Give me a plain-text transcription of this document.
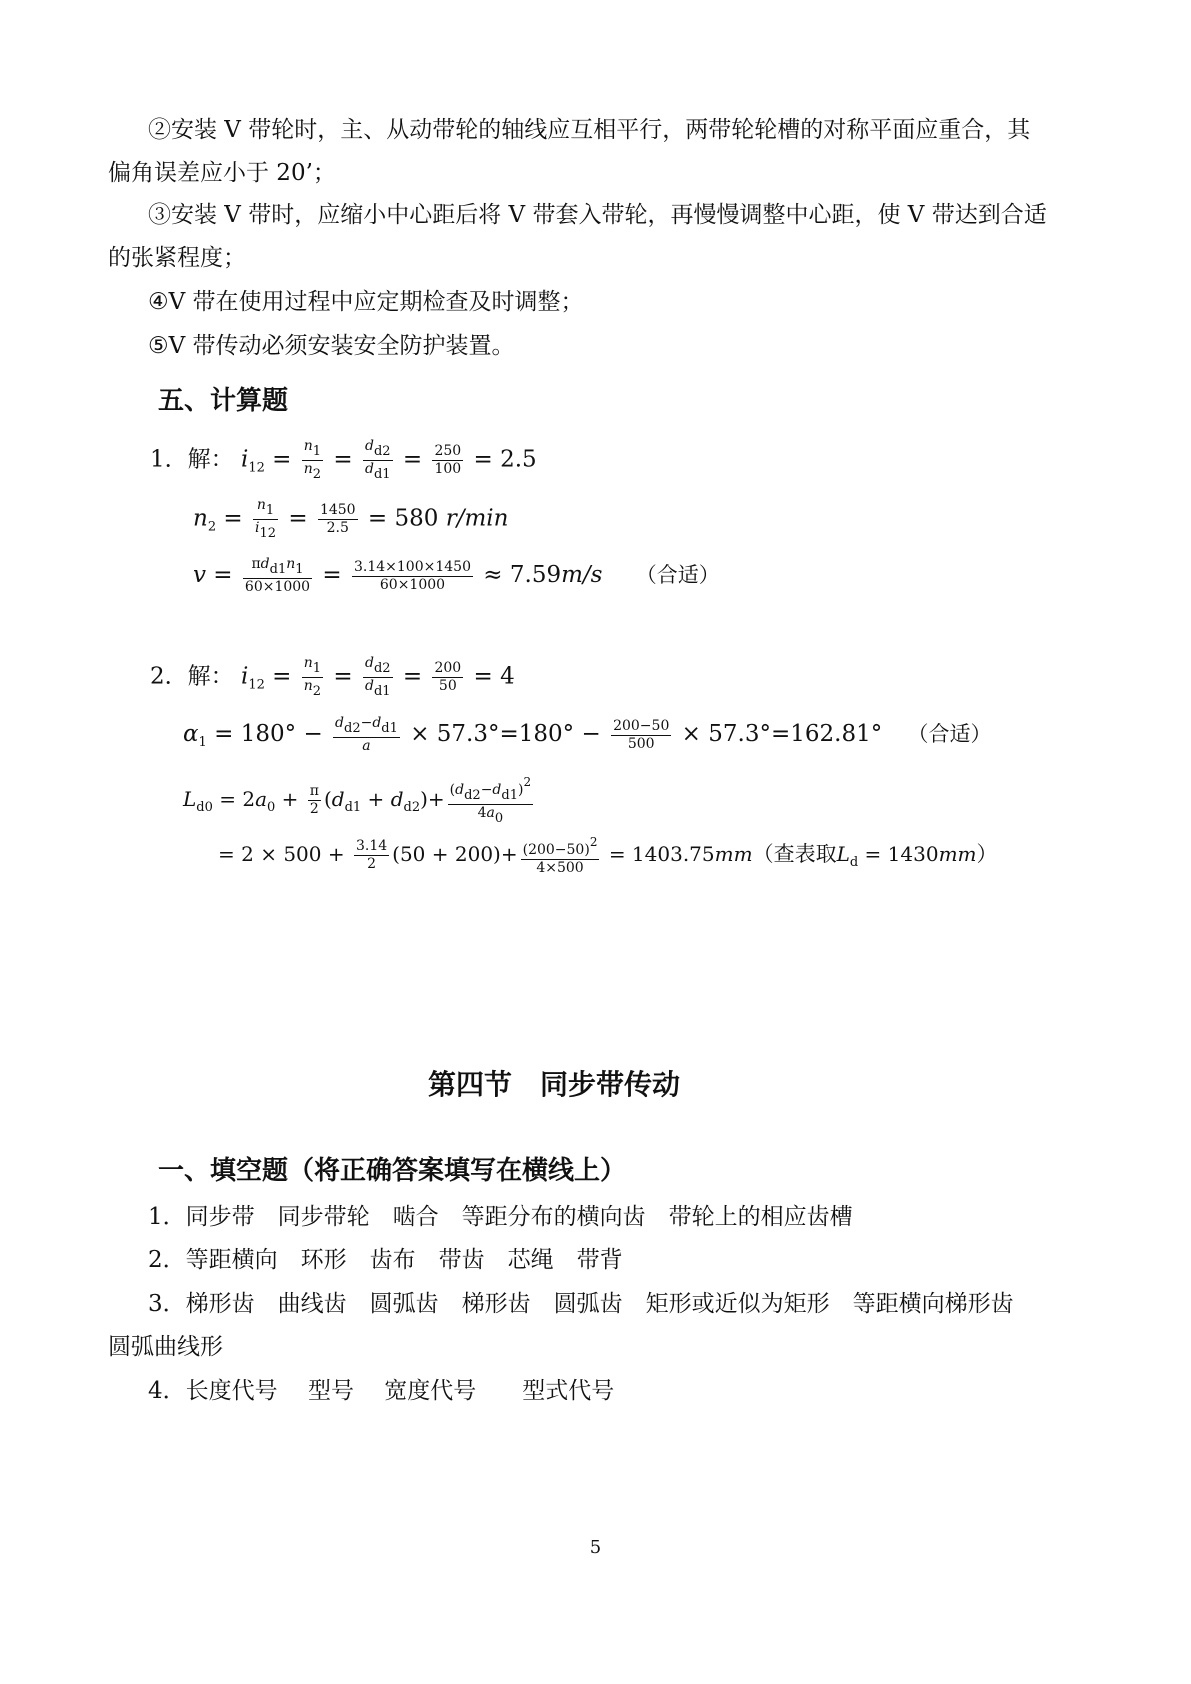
②安装 V 带轮时，主、从动带轮的轴线应互相平行，两带轮轮槽的对称平面应重合，其
偏角误差应小于 20’；
③安装 V 带时，应缩小中心距后将 V 带套入带轮，再慢慢调整中心距，使 V 带达到合适
的张紧程度；
④V 带在使用过程中应定期检查及时调整；
⑤V 带传动必须安装安全防护装置。
五、计算题
1．解： $i_{12} = \frac{n1}{n2} = \frac{dd2}{dd1} = \frac{250}{100} = 2.5$
$n_2 = \frac{n1}{i12} = \frac{1450}{2.5} = 580$ r/min
$v = \frac{\text{πdd1n1}}{60\times 1000} = \frac{3.14\times 100\times 1450}{60\times 1000} \approx 7.59m/s$ （合适）
2．解： $i_{12} = \frac{n1}{n2} = \frac{dd2}{dd1} = \frac{200}{50} = 4$
$\alpha_1 = 180^\circ - \frac{dd2-dd1}{a} \times 57.3^\circ=180^\circ - \frac{200-50}{500} \times 57.3^\circ=162.81^\circ$ （合适）
$L_{d0} = 2a_0 + \frac{\pi}{2} (d_{d1} + d_{d2})+ \frac{(dd2-dd1)2}{4a0}$
= $2 \times 500 + \frac{3.14}{2} (50 + 200)+ \frac{(200-50)2}{4\times 500} = 1403.75mm$（查表取$L_d = 1430mm$）
第四节　同步带传动
一、填空题（将正确答案填写在横线上）
1．同步带　同步带轮　啮合　等距分布的横向齿　带轮上的相应齿槽
2．等距横向　环形　齿布　带齿　芯绳　带背
3．梯形齿　曲线齿　圆弧齿　梯形齿　圆弧齿　矩形或近似为矩形　等距横向梯形齿
圆弧曲线形
4．长度代号　 型号　 宽度代号　　型式代号
5
